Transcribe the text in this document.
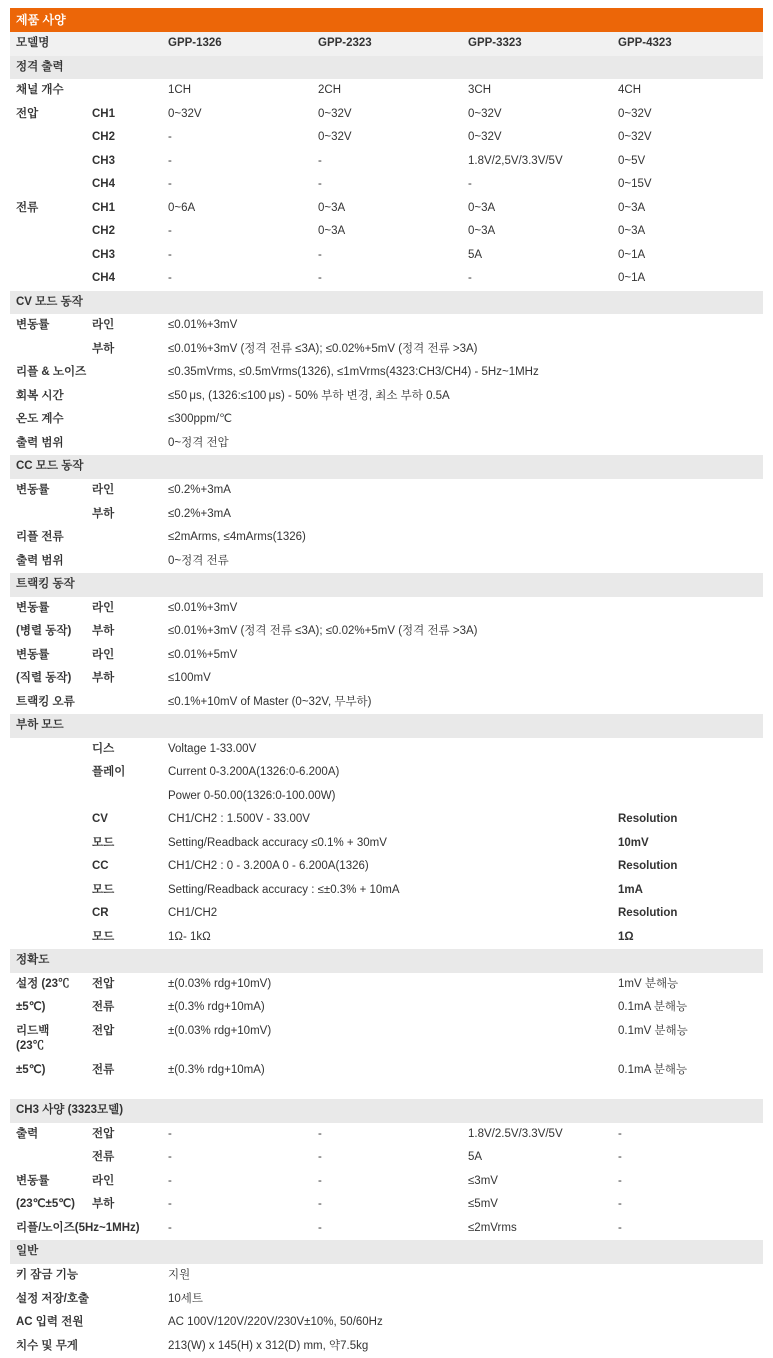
제품 사양					
모델명		GPP-1326	GPP-2323	GPP-3323	GPP-4323
정격 출력					
채널 개수		1CH	2CH	3CH	4CH
전압	CH1	0~32V	0~32V	0~32V	0~32V
	CH2	-	0~32V	0~32V	0~32V
	CH3	-	-	1.8V/2,5V/3.3V/5V	0~5V
	CH4	-	-	-	0~15V
전류	CH1	0~6A	0~3A	0~3A	0~3A
	CH2	-	0~3A	0~3A	0~3A
	CH3	-	-	5A	0~1A
	CH4	-	-	-	0~1A
CV 모드 동작					
변동률	라인	≤0.01%+3mV			
	부하	≤0.01%+3mV (정격 전류 ≤3A); ≤0.02%+5mV (정격 전류 >3A)			
리플 & 노이즈		≤0.35mVrms, ≤0.5mVrms(1326), ≤1mVrms(4323:CH3/CH4) - 5Hz~1MHz			
회복 시간		≤50 μs, (1326:≤100 μs) - 50% 부하 변경, 최소 부하 0.5A			
온도 계수		≤300ppm/℃			
출력 범위		0~정격 전압			
CC 모드 동작					
변동률	라인	≤0.2%+3mA			
	부하	≤0.2%+3mA			
리플 전류		≤2mArms, ≤4mArms(1326)			
출력 범위		0~정격 전류			
트랙킹 동작					
변동률	라인	≤0.01%+3mV			
(병렬 동작)	부하	≤0.01%+3mV (정격 전류 ≤3A); ≤0.02%+5mV (정격 전류 >3A)			
변동률	라인	≤0.01%+5mV			
(직렬 동작)	부하	≤100mV			
트랙킹 오류		≤0.1%+10mV of Master (0~32V, 무부하)			
부하 모드					
	디스	Voltage 1-33.00V			
	플레이	Current 0-3.200A(1326:0-6.200A)			
		Power 0-50.00(1326:0-100.00W)			
	CV	CH1/CH2 : 1.500V - 33.00V			Resolution
	모드	Setting/Readback accuracy ≤0.1% + 30mV			10mV
	CC	CH1/CH2 : 0 - 3.200A 0 - 6.200A(1326)			Resolution
	모드	Setting/Readback accuracy : ≤±0.3% + 10mA			1mA
	CR	CH1/CH2			Resolution
	모드	1Ω- 1kΩ			1Ω
정확도					
설정 (23℃	전압	±(0.03% rdg+10mV)			1mV 분해능
±5℃)	전류	±(0.3% rdg+10mA)			0.1mA 분해능
리드백 (23℃	전압	±(0.03% rdg+10mV)			0.1mV 분해능
±5℃)	전류	±(0.3% rdg+10mA)			0.1mA 분해능

CH3 사양 (3323모델)					
출력	전압	-	-	1.8V/2.5V/3.3V/5V	-
	전류	-	-	5A	-
변동률	라인	-	-	≤3mV	-
(23℃±5℃)	부하	-	-	≤5mV	-
리플/노이즈(5Hz~1MHz)		-	-	≤2mVrms	-
일반					
키 잠금 기능		지원			
설정 저장/호출		10세트			
AC 입력 전원		AC 100V/120V/220V/230V±10%, 50/60Hz			
치수 및 무게		213(W) x 145(H) x 312(D) mm, 약7.5kg			
